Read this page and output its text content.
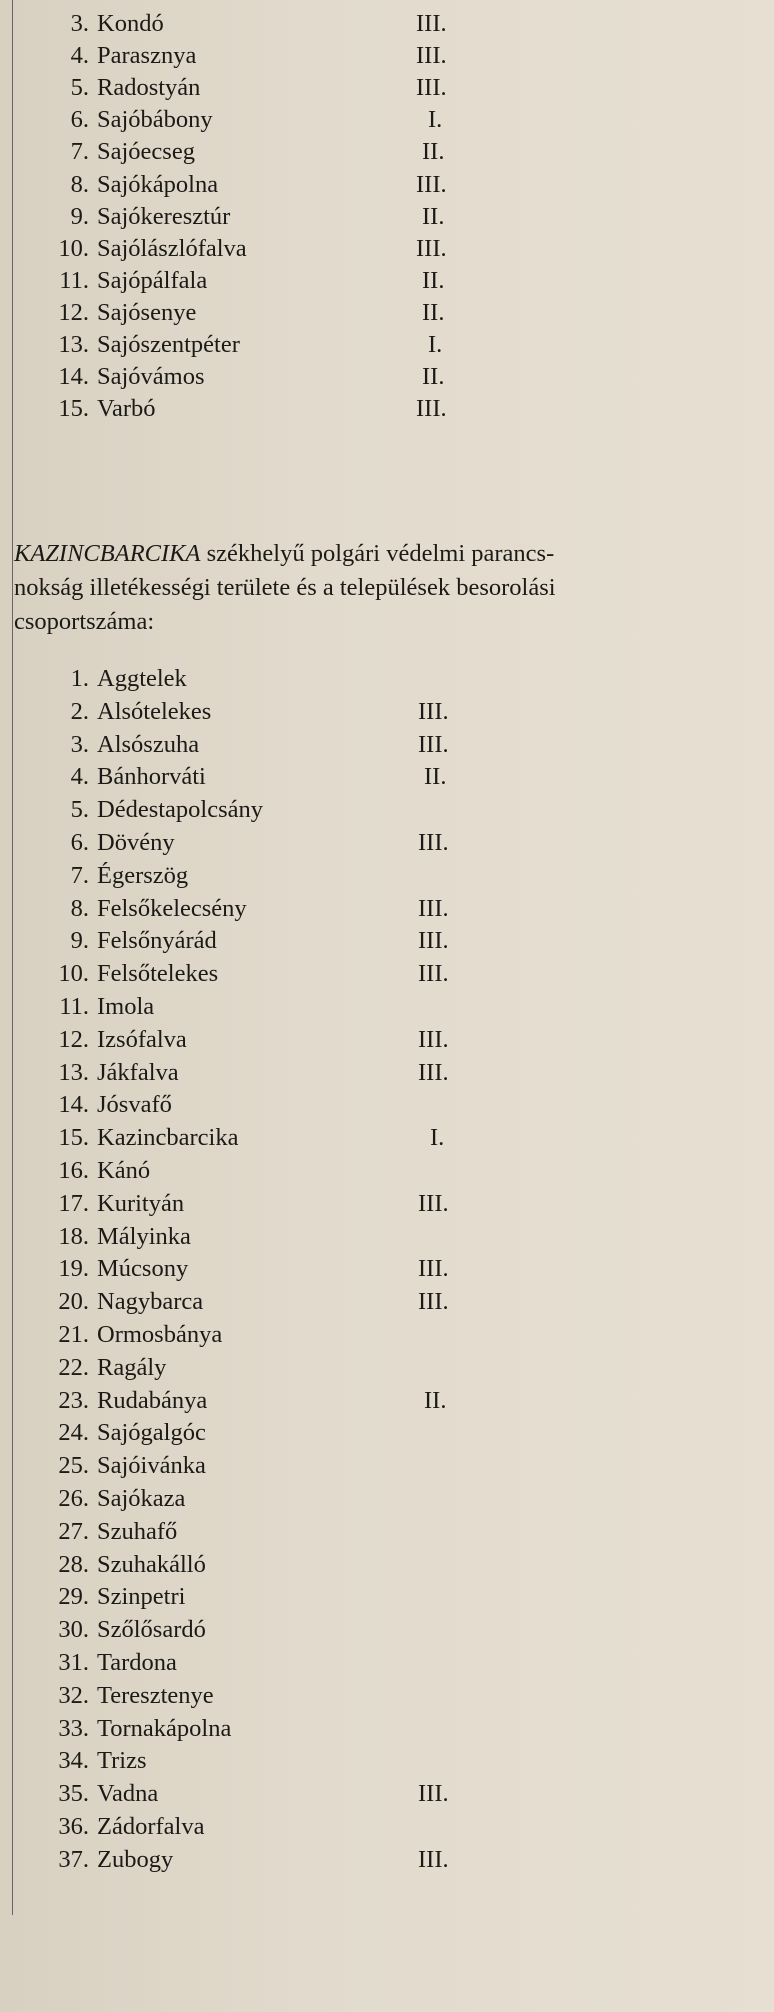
3. Kondó	III.
4. Parasznya	III.
5. Radostyán	III.
6. Sajóbábony	I.
7. Sajóecseg	II.
8. Sajókápolna	III.
9. Sajókeresztúr	II.
10. Sajólászlófalva	III.
11. Sajópálfala	II.
12. Sajósenye	II.
13. Sajószentpéter	I.
14. Sajóvámos	II.
15. Varbó	III.
KAZINCBARCIKA székhelyű polgári védelmi parancs-
nokság illetékességi területe és a települések besorolási
csoportszáma:
1. Aggtelek
2. Alsótelekes	III.
3. Alsószuha	III.
4. Bánhorváti	II.
5. Dédestapolcsány
6. Dövény	III.
7. Égerszög
8. Felsőkelecsény	III.
9. Felsőnyárád	III.
10. Felsőtelekes	III.
11. Imola
12. Izsófalva	III.
13. Jákfalva	III.
14. Jósvafő
15. Kazincbarcika	I.
16. Kánó
17. Kurityán	III.
18. Mályinka
19. Múcsony	III.
20. Nagybarca	III.
21. Ormosbánya
22. Ragály
23. Rudabánya	II.
24. Sajógalgóc
25. Sajóivánka
26. Sajókaza
27. Szuhafő
28. Szuhakálló
29. Szinpetri
30. Szőlősardó
31. Tardona
32. Teresztenye
33. Tornakápolna
34. Trizs
35. Vadna	III.
36. Zádorfalva
37. Zubogy	III.
